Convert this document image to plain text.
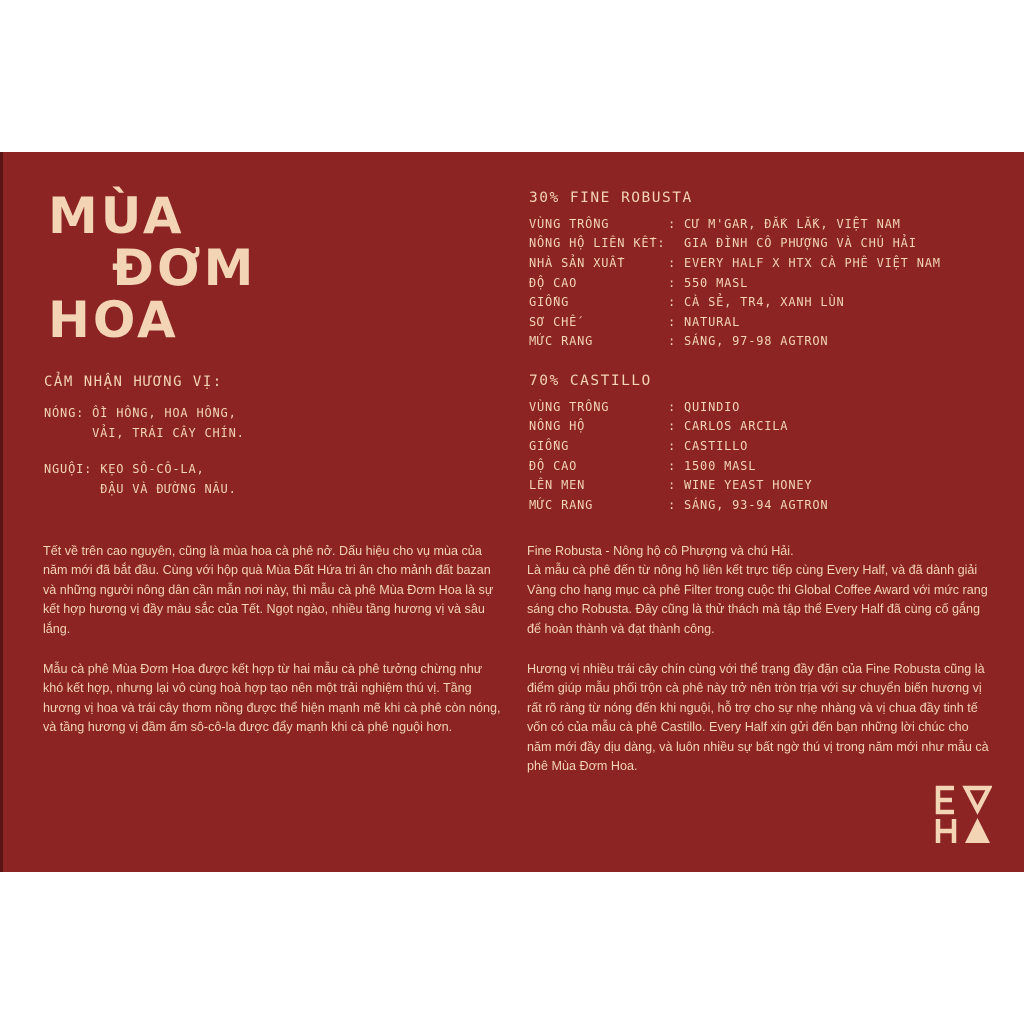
MÙA
ĐƠM
HOA
CẢM NHẬN HƯƠNG VỊ:
NÓNG: ỔI HỒNG, HOA HỒNG,
VẢI, TRÁI CÂY CHÍN.
NGUỘI: KẸO SÔ-CÔ-LA,
ĐẬU VÀ ĐƯỜNG NÂU.
30% FINE ROBUSTA
VÙNG TRỒNG	: CƯ M'GAR, ĐẮK LẮK, VIỆT NAM
NÔNG HỘ LIÊN KẾT: GIA ĐÌNH CÔ PHƯỢNG VÀ CHÚ HẢI
NHÀ SẢN XUẤT	: EVERY HALF X HTX CÀ PHÊ VIỆT NAM
ĐỘ CAO	: 550 MASL
GIỐNG	: CÀ SẺ, TR4, XANH LÙN
SƠ CHẾ	: NATURAL
MỨC RANG	: SÁNG, 97-98 AGTRON
70% CASTILLO
VÙNG TRỒNG	: QUINDIO
NÔNG HỘ	: CARLOS ARCILA
GIỐNG	: CASTILLO
ĐỘ CAO	: 1500 MASL
LÊN MEN	: WINE YEAST HONEY
MỨC RANG	: SÁNG, 93-94 AGTRON

Tết về trên cao nguyên, cũng là mùa hoa cà phê nở. Dấu hiệu cho vụ mùa của năm mới đã bắt đầu. Cùng với hộp quà Mùa Đất Hứa tri ân cho mảnh đất bazan và những người nông dân cần mẫn nơi này, thì mẫu cà phê Mùa Đơm Hoa là sự kết hợp hương vị đầy màu sắc của Tết. Ngọt ngào, nhiều tầng hương vị và sâu lắng.

Mẫu cà phê Mùa Đơm Hoa được kết hợp từ hai mẫu cà phê tưởng chừng như khó kết hợp, nhưng lại vô cùng hoà hợp tạo nên một trải nghiệm thú vị. Tầng hương vị hoa và trái cây thơm nồng được thể hiện mạnh mẽ khi cà phê còn nóng, và tầng hương vị đầm ấm sô-cô-la được đẩy mạnh khi cà phê nguội hơn.

Fine Robusta - Nông hộ cô Phượng và chú Hải.
Là mẫu cà phê đến từ nông hộ liên kết trực tiếp cùng Every Half, và đã dành giải Vàng cho hạng mục cà phê Filter trong cuộc thi Global Coffee Award với mức rang sáng cho Robusta. Đây cũng là thử thách mà tập thể Every Half đã cùng cố gắng để hoàn thành và đạt thành công.

Hương vị nhiều trái cây chín cùng với thể trạng đầy đặn của Fine Robusta cũng là điểm giúp mẫu phối trộn cà phê này trở nên tròn trịa với sự chuyển biến hương vị rất rõ ràng từ nóng đến khi nguội, hỗ trợ cho sự nhẹ nhàng và vị chua đầy tinh tế vốn có của mẫu cà phê Castillo. Every Half xin gửi đến bạn những lời chúc cho năm mới đầy dịu dàng, và luôn nhiều sự bất ngờ thú vị trong năm mới như mẫu cà phê Mùa Đơm Hoa.
